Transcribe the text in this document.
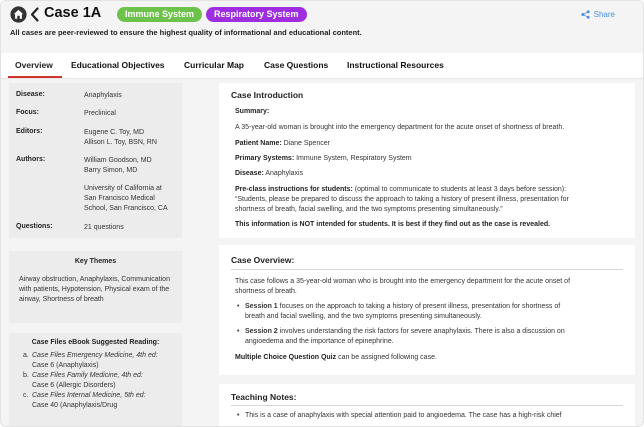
Case 1A	Immune System	Respiratory System	Share
All cases are peer-reviewed to ensure the highest quality of informational and educational content.
Overview Educational Objectives Curricular Map Case Questions Instructional Resources
Disease:	Anaphylaxis
Focus:	Preclinical
Editors:	Eugene C. Toy, MD
Allison L. Toy, BSN, RN
Authors:	William Goodson, MD
Barry Simon, MD
University of California at
San Francisco Medical
School, San Francisco, CA
Questions:	21 questions
Key Themes
Airway obstruction, Anaphylaxis, Communication with patients, Hypotension, Physical exam of the airway, Shortness of breath
Case Files eBook Suggested Reading:
a. Case Files Emergency Medicine, 4th ed:
Case 6 (Anaphylaxis)
b. Case Files Family Medicine, 4th ed:
Case 6 (Allergic Disorders)
c. Case Files Internal Medicine, 5th ed:
Case 40 (Anaphylaxis/Drug
Case Introduction
Summary:
A 35-year-old woman is brought into the emergency department for the acute onset of shortness of breath.
Patient Name: Diane Spencer
Primary Systems: Immune System, Respiratory System
Disease: Anaphylaxis
Pre-class instructions for students: (optimal to communicate to students at least 3 days before session):
“Students, please be prepared to discuss the approach to taking a history of present illness, presentation for
shortness of breath, facial swelling, and the two symptoms presenting simultaneously.”
This information is NOT intended for students. It is best if they find out as the case is revealed.
Case Overview:
This case follows a 35-year-old woman who is brought into the emergency department for the acute onset of
shortness of breath.
• Session 1 focuses on the approach to taking a history of present illness, presentation for shortness of
breath and facial swelling, and the two symptoms presenting simultaneously.
• Session 2 involves understanding the risk factors for severe anaphylaxis. There is also a discussion on
angioedema and the importance of epinephrine.
Multiple Choice Question Quiz can be assigned following case.
Teaching Notes:
• This is a case of anaphylaxis with special attention paid to angioedema. The case has a high-risk chief
